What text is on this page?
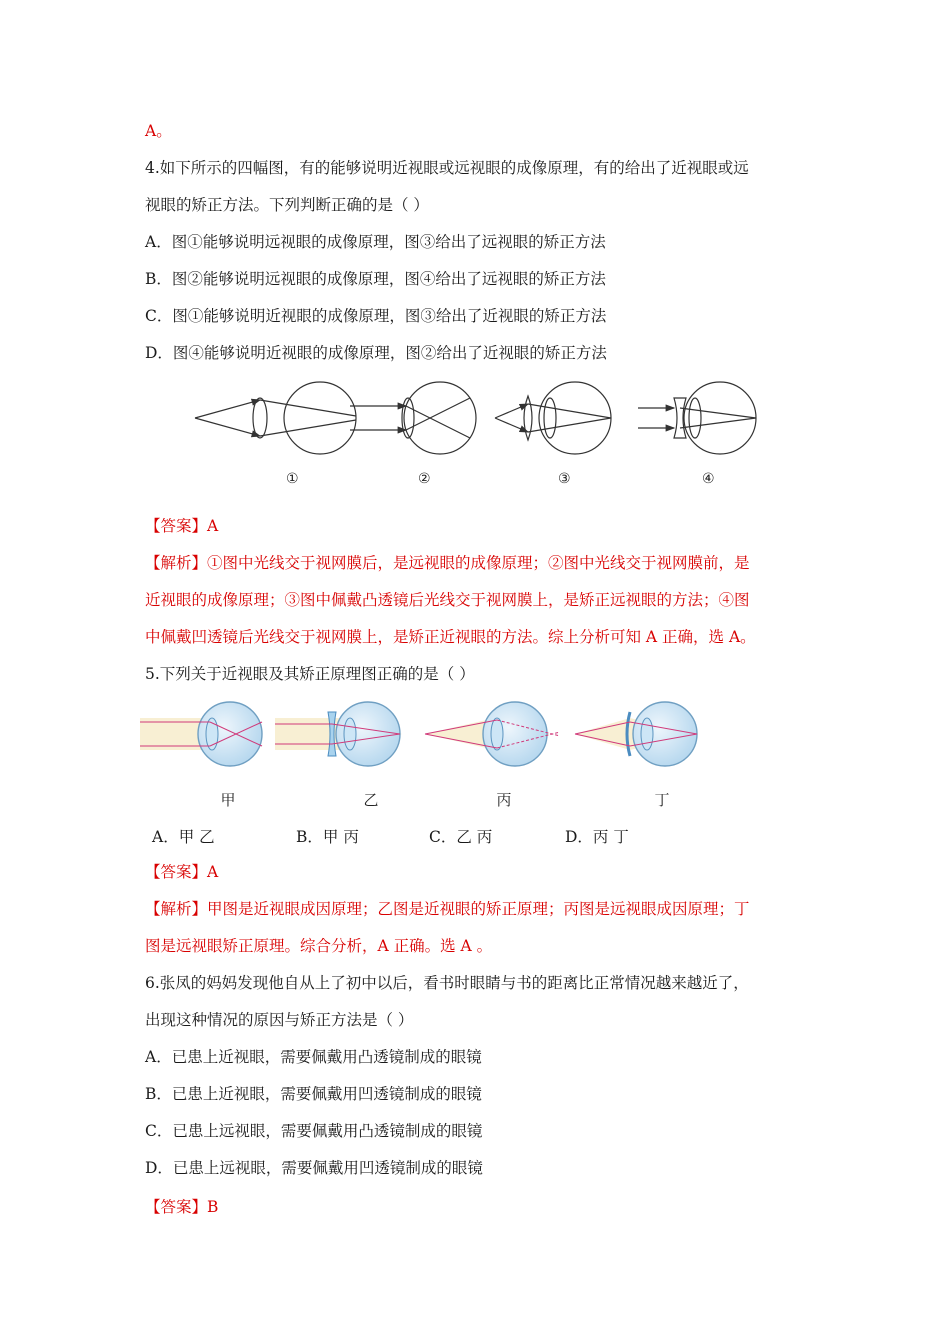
A。
4.如下所示的四幅图，有的能够说明近视眼或远视眼的成像原理，有的给出了近视眼或远
视眼的矫正方法。下列判断正确的是（ ）
A．图①能够说明远视眼的成像原理，图③给出了远视眼的矫正方法
B．图②能够说明远视眼的成像原理，图④给出了远视眼的矫正方法
C．图①能够说明近视眼的成像原理，图③给出了近视眼的矫正方法
D．图④能够说明近视眼的成像原理，图②给出了近视眼的矫正方法
①	②	③	④
【答案】A
【解析】①图中光线交于视网膜后，是远视眼的成像原理；②图中光线交于视网膜前，是
近视眼的成像原理；③图中佩戴凸透镜后光线交于视网膜上，是矫正远视眼的方法；④图
中佩戴凹透镜后光线交于视网膜上，是矫正近视眼的方法。综上分析可知 A 正确，选 A。
5.下列关于近视眼及其矫正原理图正确的是（ ）
甲	乙	丙	丁
A．甲 乙	B．甲 丙	C．乙 丙	D．丙 丁
【答案】A
【解析】甲图是近视眼成因原理；乙图是近视眼的矫正原理；丙图是远视眼成因原理；丁
图是远视眼矫正原理。综合分析，A 正确。选 A 。
6.张凤的妈妈发现他自从上了初中以后，看书时眼睛与书的距离比正常情况越来越近了，
出现这种情况的原因与矫正方法是（ ）
A．已患上近视眼，需要佩戴用凸透镜制成的眼镜
B．已患上近视眼，需要佩戴用凹透镜制成的眼镜
C．已患上远视眼，需要佩戴用凸透镜制成的眼镜
D．已患上远视眼，需要佩戴用凹透镜制成的眼镜
【答案】B
